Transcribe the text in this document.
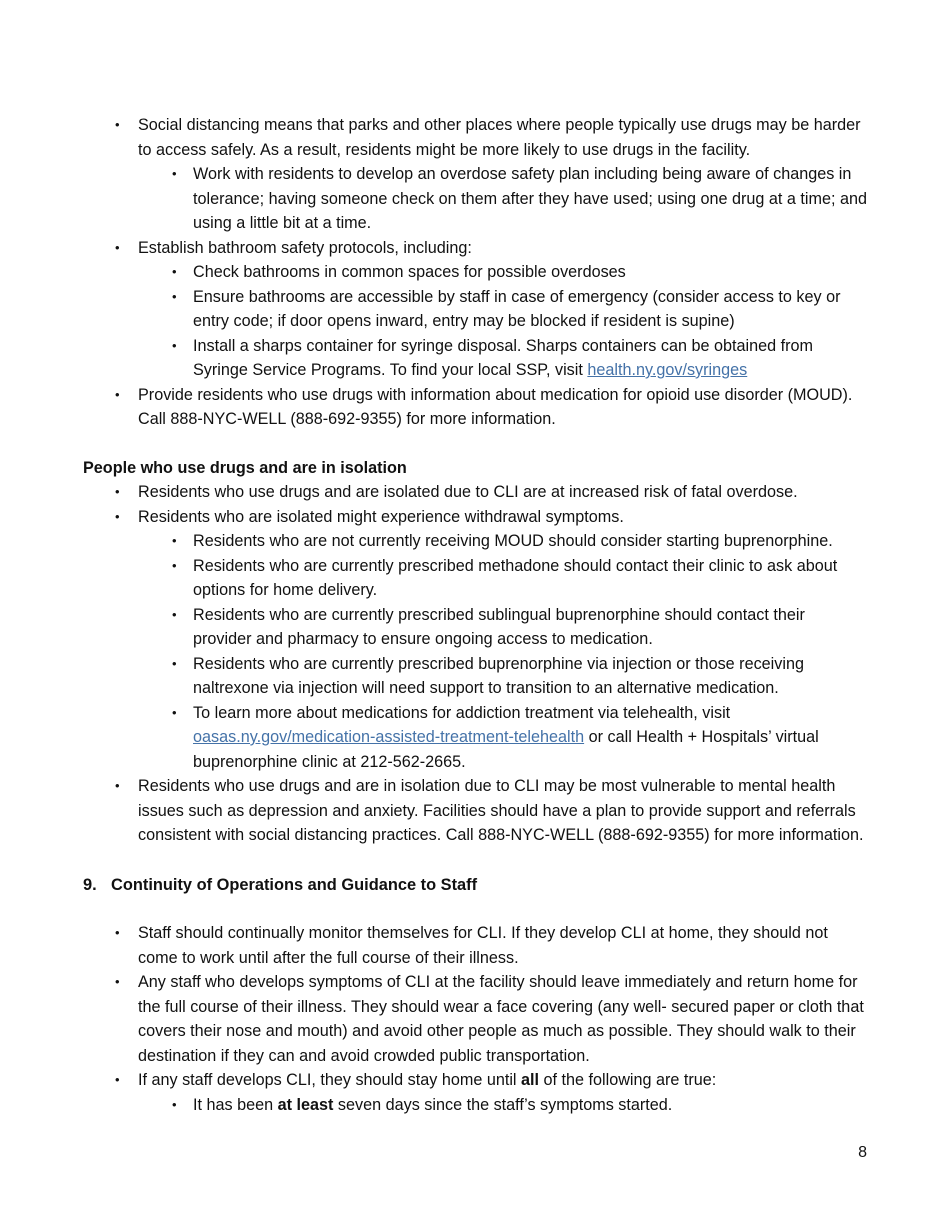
• Social distancing means that parks and other places where people typically use drugs may be harder to access safely. As a result, residents might be more likely to use drugs in the facility.
• Work with residents to develop an overdose safety plan including being aware of changes in tolerance; having someone check on them after they have used; using one drug at a time; and using a little bit at a time.
• Establish bathroom safety protocols, including:
• Check bathrooms in common spaces for possible overdoses
• Ensure bathrooms are accessible by staff in case of emergency (consider access to key or entry code; if door opens inward, entry may be blocked if resident is supine)
• Install a sharps container for syringe disposal. Sharps containers can be obtained from Syringe Service Programs. To find your local SSP, visit health.ny.gov/syringes
• Provide residents who use drugs with information about medication for opioid use disorder (MOUD). Call 888-NYC-WELL (888-692-9355) for more information.
People who use drugs and are in isolation
• Residents who use drugs and are isolated due to CLI are at increased risk of fatal overdose.
• Residents who are isolated might experience withdrawal symptoms.
• Residents who are not currently receiving MOUD should consider starting buprenorphine.
• Residents who are currently prescribed methadone should contact their clinic to ask about options for home delivery.
• Residents who are currently prescribed sublingual buprenorphine should contact their provider and pharmacy to ensure ongoing access to medication.
• Residents who are currently prescribed buprenorphine via injection or those receiving naltrexone via injection will need support to transition to an alternative medication.
• To learn more about medications for addiction treatment via telehealth, visit oasas.ny.gov/medication-assisted-treatment-telehealth or call Health + Hospitals’ virtual buprenorphine clinic at 212-562-2665.
• Residents who use drugs and are in isolation due to CLI may be most vulnerable to mental health issues such as depression and anxiety. Facilities should have a plan to provide support and referrals consistent with social distancing practices. Call 888-NYC-WELL (888-692-9355) for more information.
9. Continuity of Operations and Guidance to Staff
• Staff should continually monitor themselves for CLI. If they develop CLI at home, they should not come to work until after the full course of their illness.
• Any staff who develops symptoms of CLI at the facility should leave immediately and return home for the full course of their illness. They should wear a face covering (any well- secured paper or cloth that covers their nose and mouth) and avoid other people as much as possible. They should walk to their destination if they can and avoid crowded public transportation.
• If any staff develops CLI, they should stay home until all of the following are true:
• It has been at least seven days since the staff’s symptoms started.
8
